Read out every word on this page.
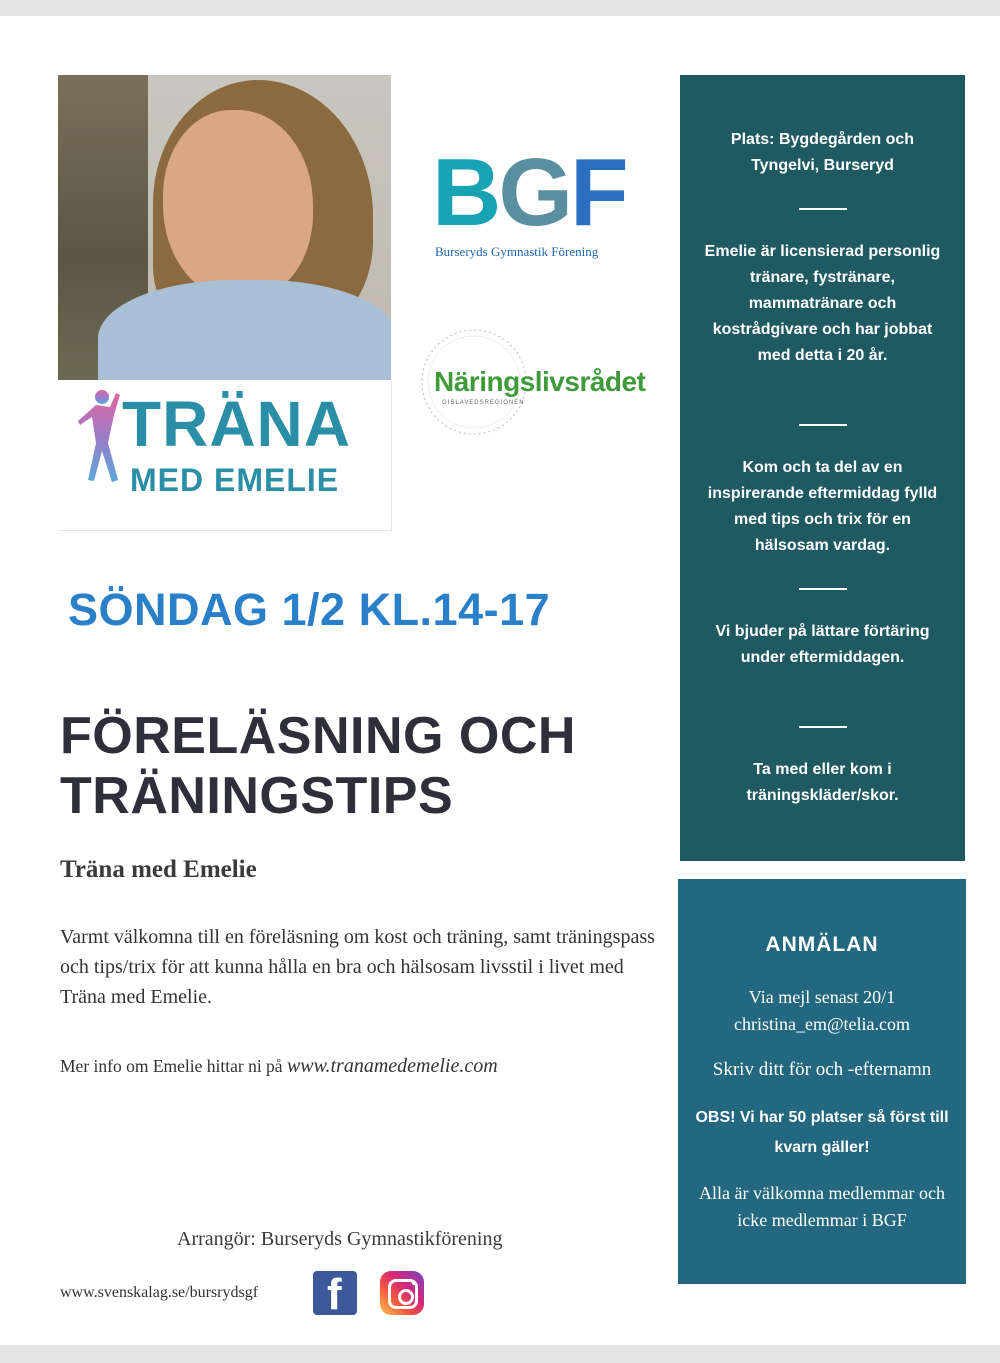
TRÄNA
MED EMELIE
BGF
Burseryds Gymnastik Förening
Näringslivsrådet
GISLAVEDSREGIONEN
SÖNDAG 1/2 KL.14-17
FÖRELÄSNING OCH TRÄNINGSTIPS
Träna med Emelie
Varmt välkomna till en föreläsning om kost och träning, samt träningspass och tips/trix för att kunna hålla en bra och hälsosam livsstil i livet med Träna med Emelie.
Mer info om Emelie hittar ni på www.tranamedemelie.com
Arrangör: Burseryds Gymnastikförening
www.svenskalag.se/bursrydsgf f
Plats: Bygdegården och Tyngelvi, Burseryd
Emelie är licensierad personlig tränare, fystränare, mammatränare och kostrådgivare och har jobbat med detta i 20 år.
Kom och ta del av en inspirerande eftermiddag fylld med tips och trix för en hälsosam vardag.
Vi bjuder på lättare förtäring under eftermiddagen.
Ta med eller kom i träningskläder/skor.
ANMÄLAN
Via mejl senast 20/1
christina_em@telia.com
Skriv ditt för och -efternamn
OBS! Vi har 50 platser så först till kvarn gäller!
Alla är välkomna medlemmar och icke medlemmar i BGF
